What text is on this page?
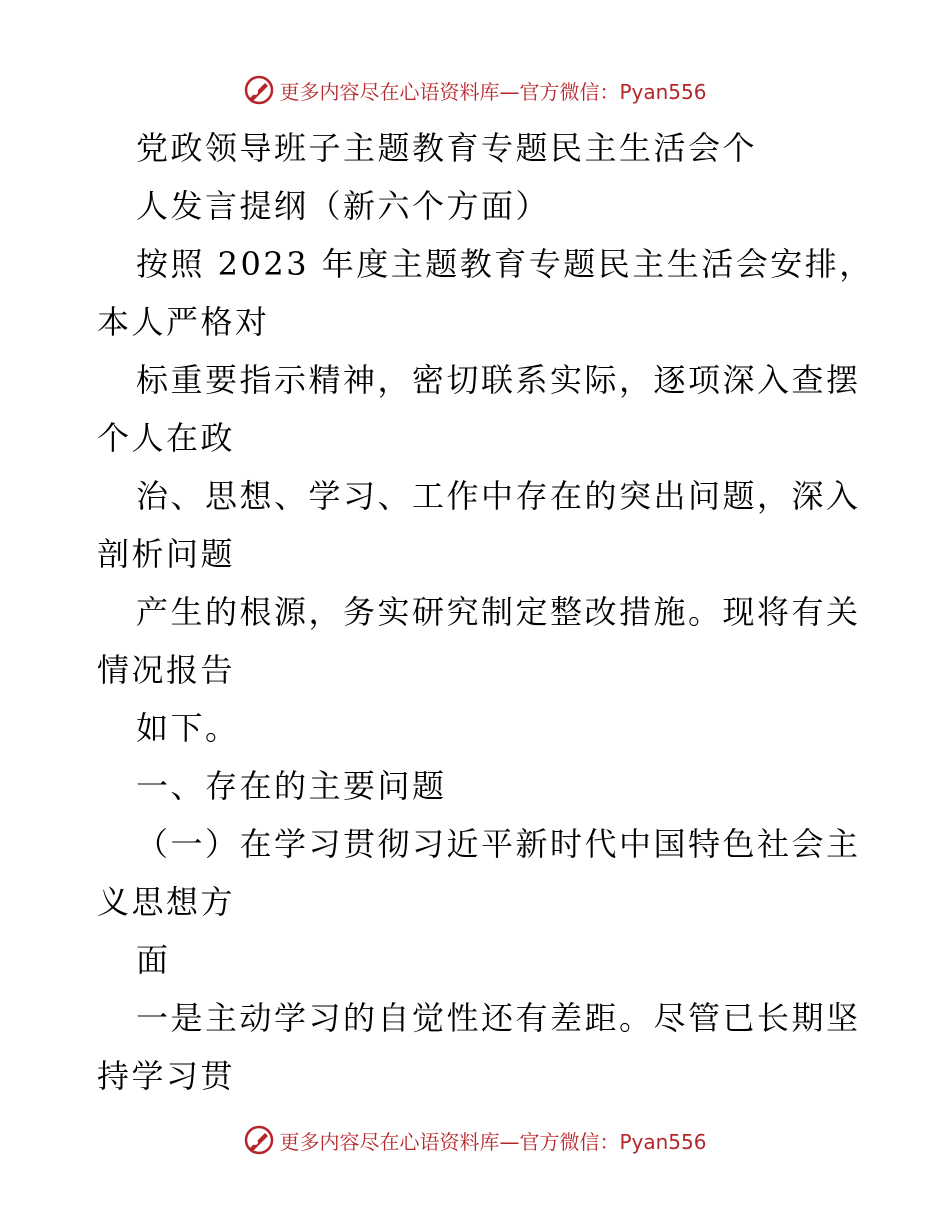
更多内容尽在心语资料库—官方微信：Pyan556
党政领导班子主题教育专题民主生活会个
人发言提纲（新六个方面）
按照 2023 年度主题教育专题民主生活会安排，
本人严格对
标重要指示精神，密切联系实际，逐项深入查摆
个人在政
治、思想、学习、工作中存在的突出问题，深入
剖析问题
产生的根源，务实研究制定整改措施。现将有关
情况报告
如下。
一、存在的主要问题
（一）在学习贯彻习近平新时代中国特色社会主
义思想方
面
一是主动学习的自觉性还有差距。尽管已长期坚
持学习贯
更多内容尽在心语资料库—官方微信：Pyan556
